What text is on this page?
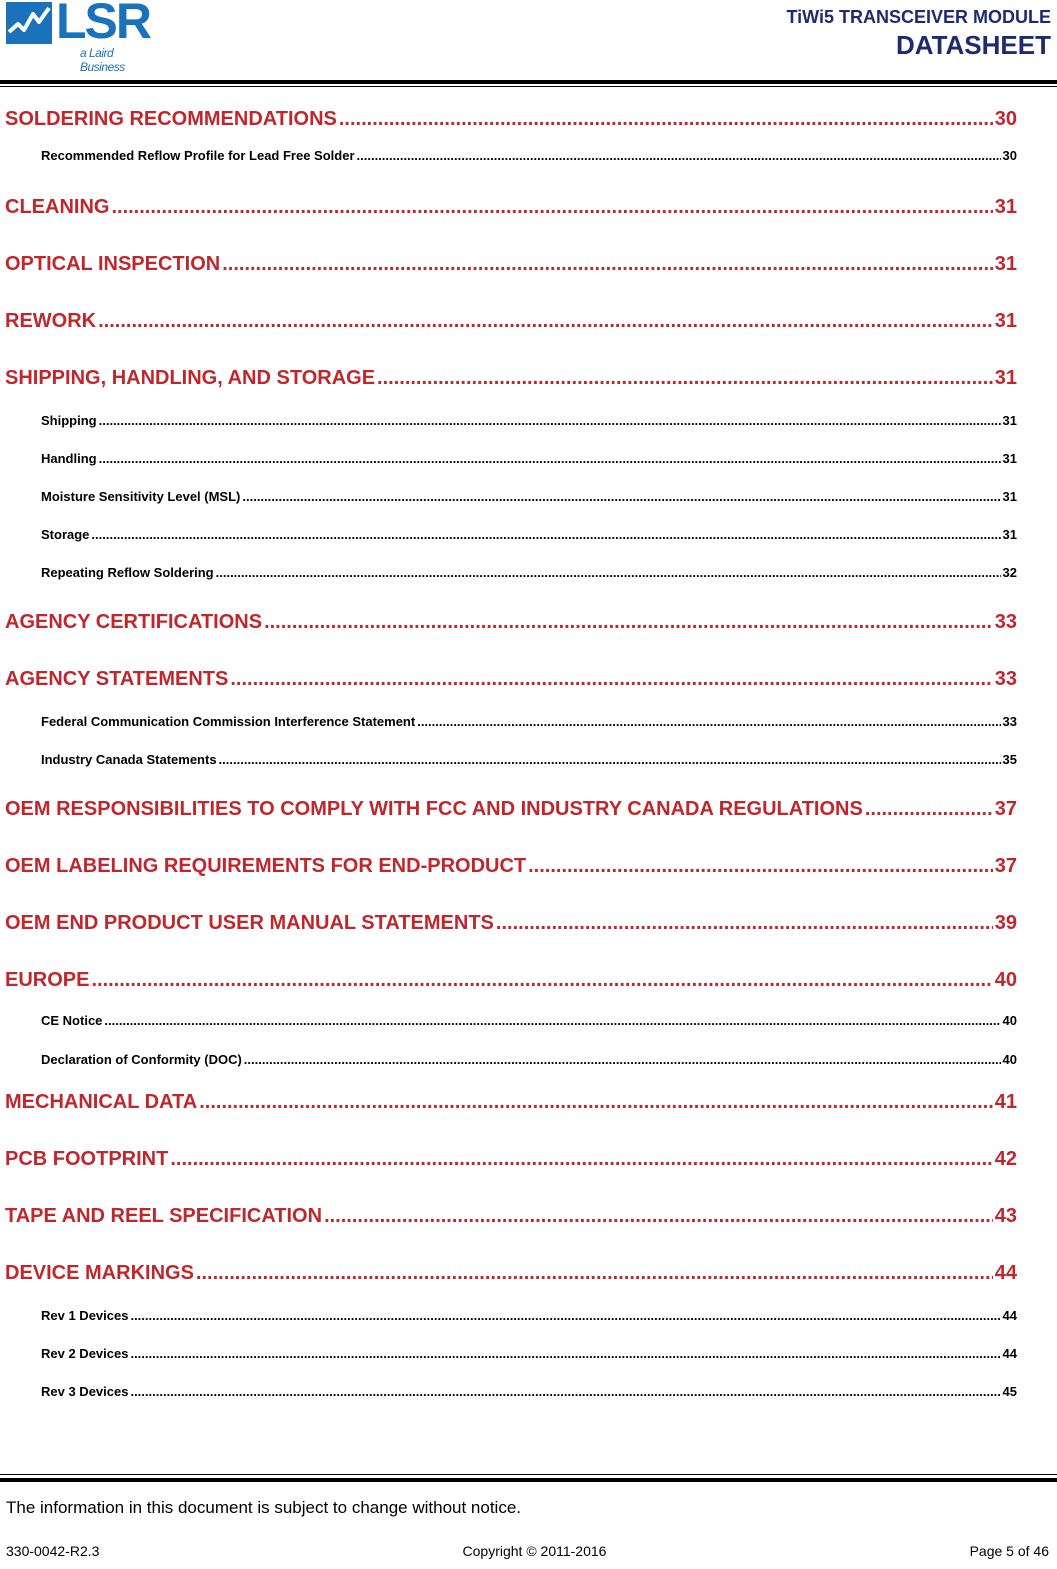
LSR
a Laird Business
TiWi5 TRANSCEIVER MODULE
DATASHEET
SOLDERING RECOMMENDATIONS .....	30
Recommended Reflow Profile for Lead Free Solder .....	30
CLEANING .....	31
OPTICAL INSPECTION .....	31
REWORK .....	31
SHIPPING, HANDLING, AND STORAGE .....	31
Shipping .....	31
Handling .....	31
Moisture Sensitivity Level (MSL) .....	31
Storage .....	31
Repeating Reflow Soldering .....	32
AGENCY CERTIFICATIONS .....	33
AGENCY STATEMENTS .....	33
Federal Communication Commission Interference Statement .....	33
Industry Canada Statements .....	35
OEM RESPONSIBILITIES TO COMPLY WITH FCC AND INDUSTRY CANADA REGULATIONS .....	37
OEM LABELING REQUIREMENTS FOR END-PRODUCT .....	37
OEM END PRODUCT USER MANUAL STATEMENTS .....	39
EUROPE .....	40
CE Notice .....	40
Declaration of Conformity (DOC) .....	40
MECHANICAL DATA .....	41
PCB FOOTPRINT .....	42
TAPE AND REEL SPECIFICATION .....	43
DEVICE MARKINGS .....	44
Rev 1 Devices .....	44
Rev 2 Devices .....	44
Rev 3 Devices .....	45
The information in this document is subject to change without notice.
330-0042-R2.3	Copyright © 2011-2016	Page 5 of 46
